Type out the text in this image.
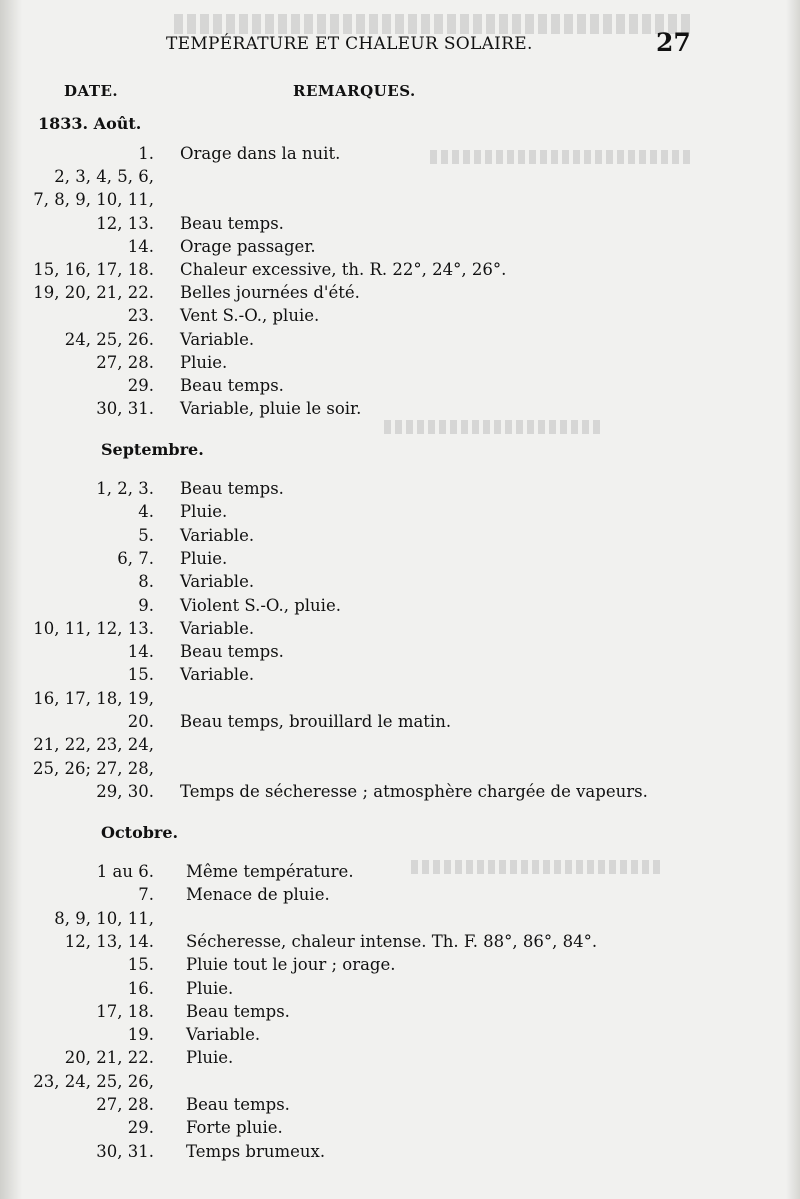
TEMPÉRATURE ET CHALEUR SOLAIRE.	27
DATE.	REMARQUES.
1833. Août.
1. Orage dans la nuit.
2, 3, 4, 5, 6,
7, 8, 9, 10, 11,
12, 13. Beau temps.
14. Orage passager.
15, 16, 17, 18. Chaleur excessive, th. R. 22°, 24°, 26°.
19, 20, 21, 22. Belles journées d'été.
23. Vent S.-O., pluie.
24, 25, 26. Variable.
27, 28. Pluie.
29. Beau temps.
30, 31. Variable, pluie le soir.
Septembre.
1, 2, 3. Beau temps.
4. Pluie.
5. Variable.
6, 7. Pluie.
8. Variable.
9. Violent S.-O., pluie.
10, 11, 12, 13. Variable.
14. Beau temps.
15. Variable.
16, 17, 18, 19,
20. Beau temps, brouillard le matin.
21, 22, 23, 24,
25, 26; 27, 28,
29, 30. Temps de sécheresse ; atmosphère chargée de vapeurs.
Octobre.
1 au 6. Même température.
7. Menace de pluie.
8, 9, 10, 11,
12, 13, 14. Sécheresse, chaleur intense. Th. F. 88°, 86°, 84°.
15. Pluie tout le jour ; orage.
16. Pluie.
17, 18. Beau temps.
19. Variable.
20, 21, 22. Pluie.
23, 24, 25, 26,
27, 28. Beau temps.
29. Forte pluie.
30, 31. Temps brumeux.
